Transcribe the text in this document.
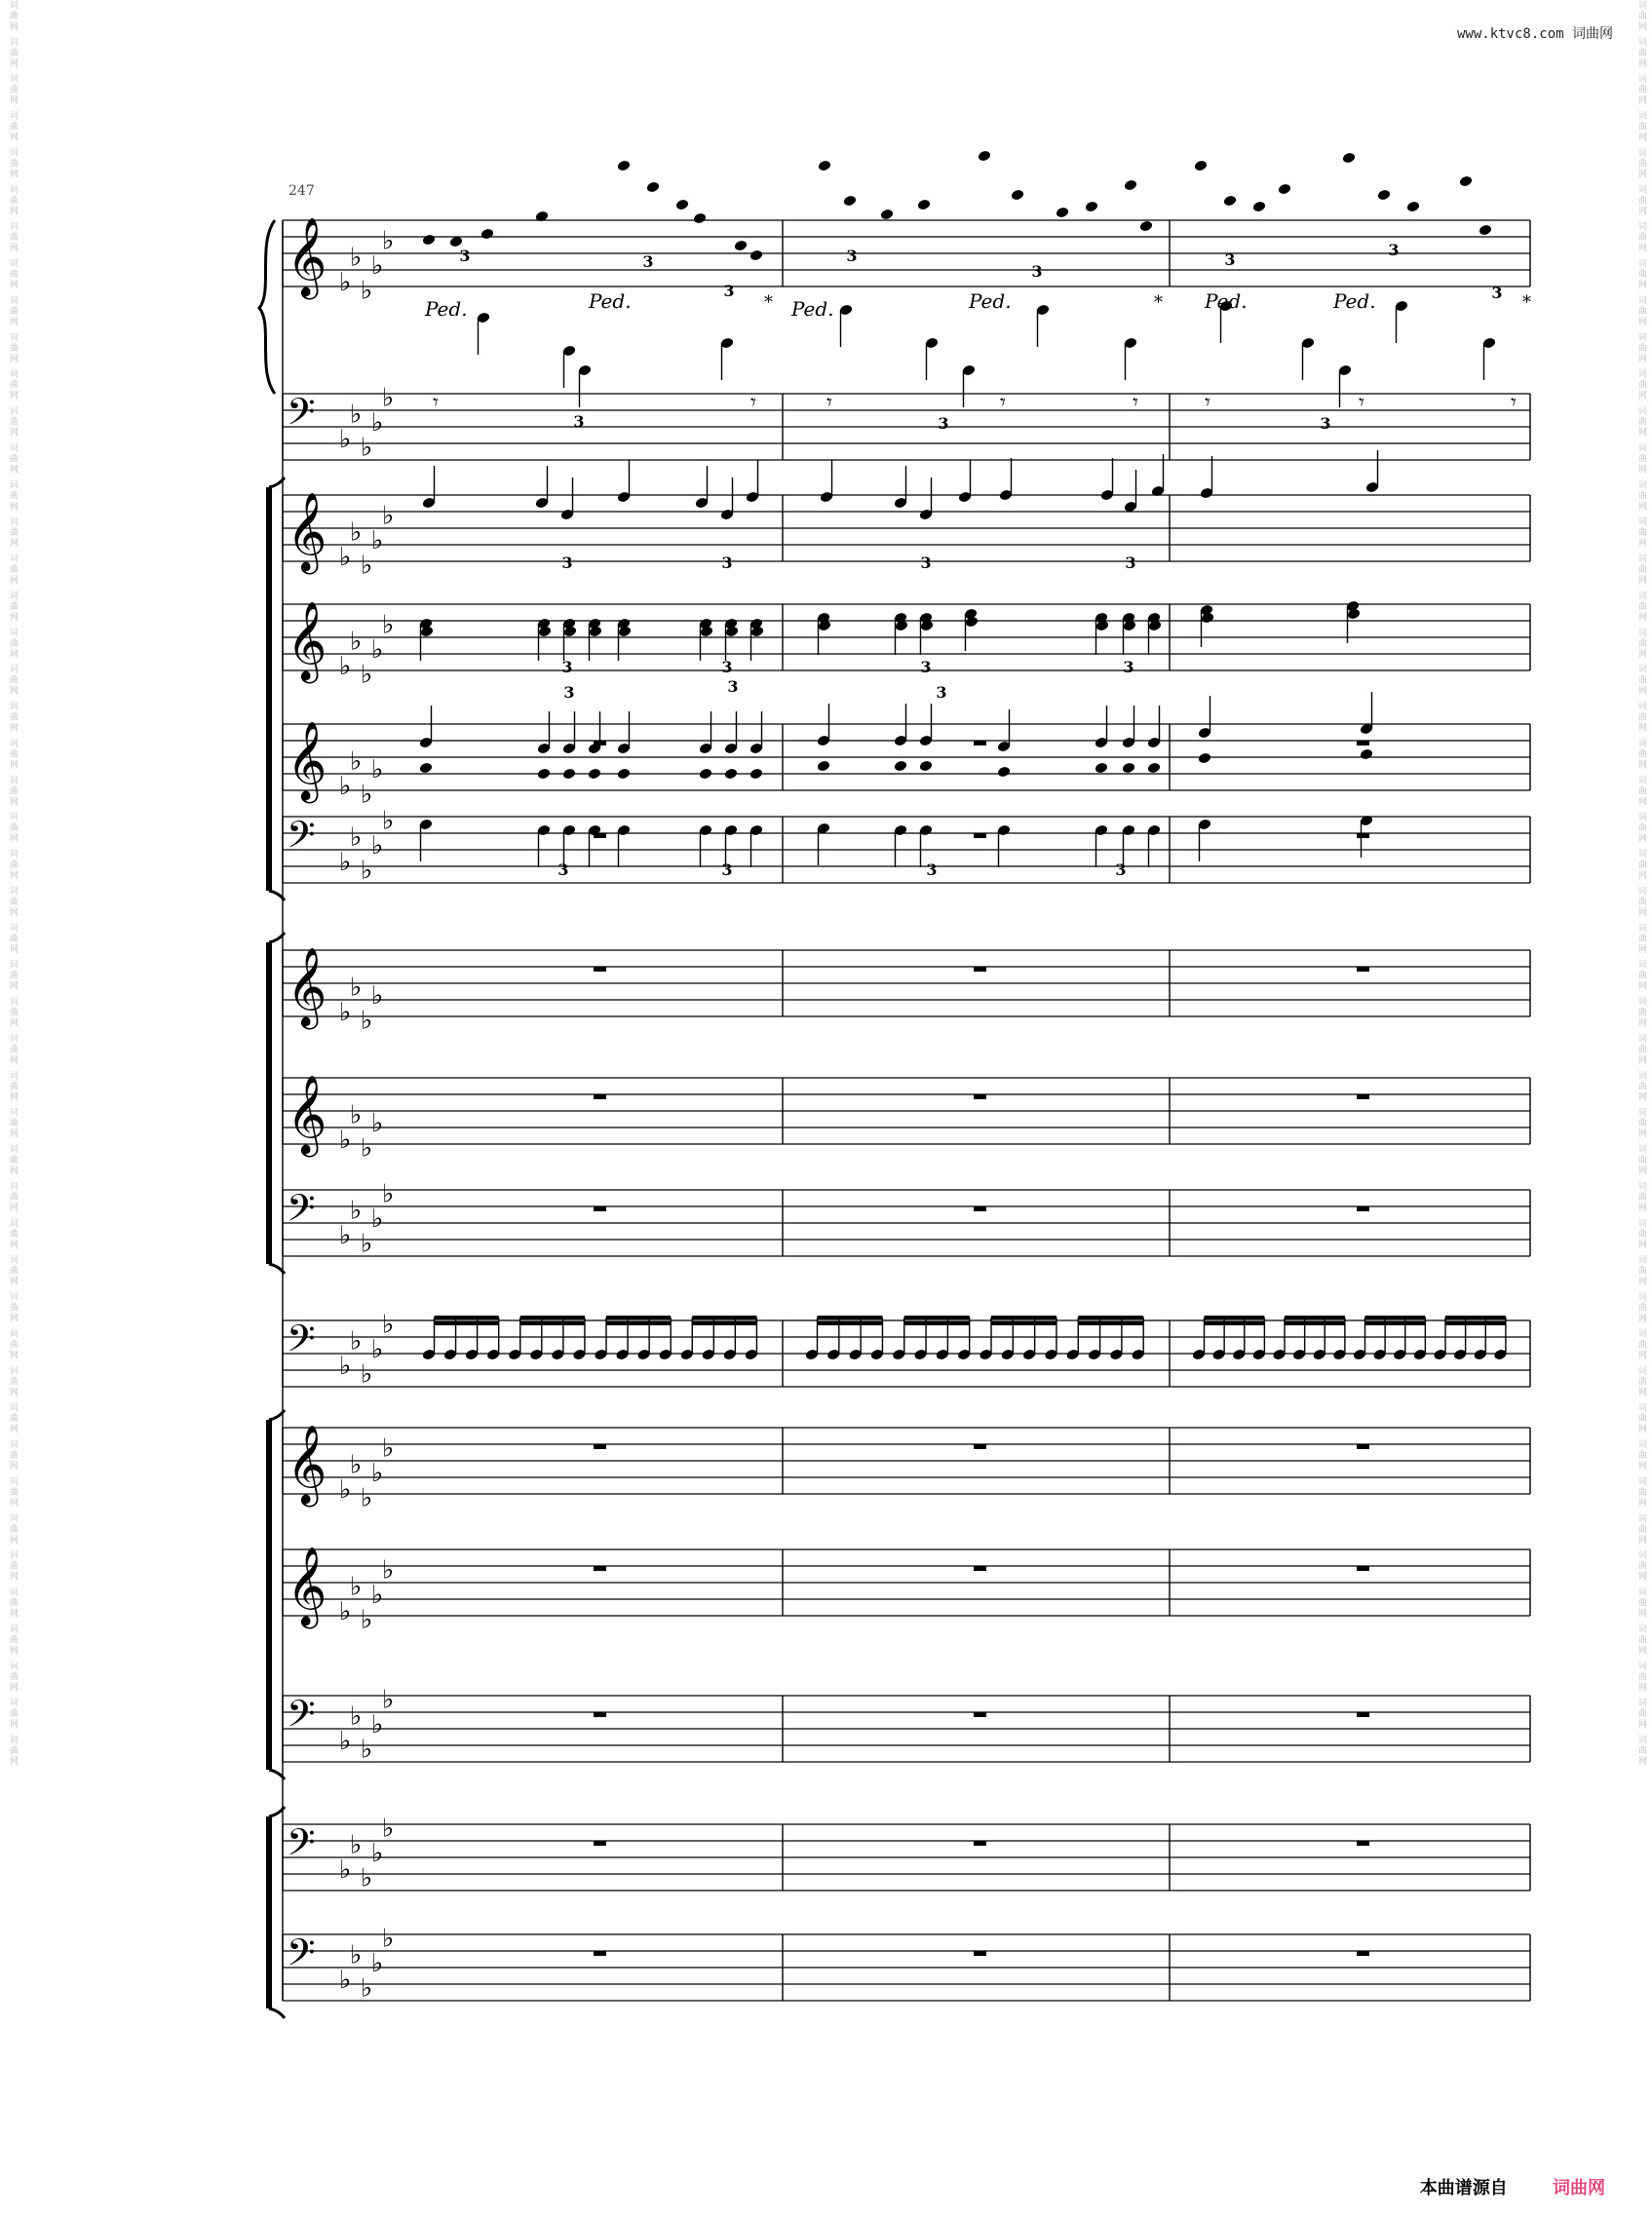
词曲网 词曲网 词曲网 词曲网 词曲网 词曲网 词曲网 词曲网 词曲网 词曲网 词曲网 词曲网 词曲网 词曲网 词曲网 词曲网 词曲网 词曲网 词曲网 词曲网 词曲网 词曲网 词曲网 词曲网 词曲网 词曲网 词曲网 词曲网 词曲网 词曲网 词曲网 词曲网 词曲网 词曲网 词曲网 词曲网 词曲网 词曲网 词曲网 词曲网 词曲网 词曲网 词曲网 词曲网 词曲网 词曲网 词曲网 词曲网
词曲网 词曲网 词曲网 词曲网 词曲网 词曲网 词曲网 词曲网 词曲网 词曲网 词曲网 词曲网 词曲网 词曲网 词曲网 词曲网 词曲网 词曲网 词曲网 词曲网 词曲网 词曲网 词曲网 词曲网 词曲网 词曲网 词曲网 词曲网 词曲网 词曲网 词曲网 词曲网 词曲网 词曲网 词曲网 词曲网 词曲网 词曲网 词曲网 词曲网 词曲网 词曲网 词曲网 词曲网 词曲网 词曲网 词曲网 词曲网
www.ktvc8.com 词曲网
247
𝄞 ♭
♭
♭
♭
♭
𝄢 ♭
♭
♭
♭
♭
𝄞 ♭
♭
♭
♭
♭
𝄞 ♭
♭
♭
♭
♭
𝄞 ♭
♭
♭
♭
𝄢 ♭
♭
♭
♭
♭
𝄞 ♭
♭
♭
♭
𝄞 ♭
♭
♭
♭
𝄢 ♭
♭
♭
♭
♭
𝄢 ♭
♭
♭
♭
♭
𝄞 ♭
♭
♭
♭
♭
𝄞 ♭
♭
♭
♭
♭
𝄢 ♭
♭
♭
♭
♭
𝄢 ♭
♭
♭
♭
♭
𝄢 ♭
♭
♭
♭
♭
3	3	3	3
3	3	3	3
3	3	3
3	3	3	3
3	3
3
3
3
3
3
3
3	3	3
Ped.	Ped.	Ped.	Ped.	Ped.	Ped.
*	*	*
𝄾	𝄾	𝄾	𝄾	𝄾	𝄾	𝄾	𝄾
本曲谱源自	词曲网
